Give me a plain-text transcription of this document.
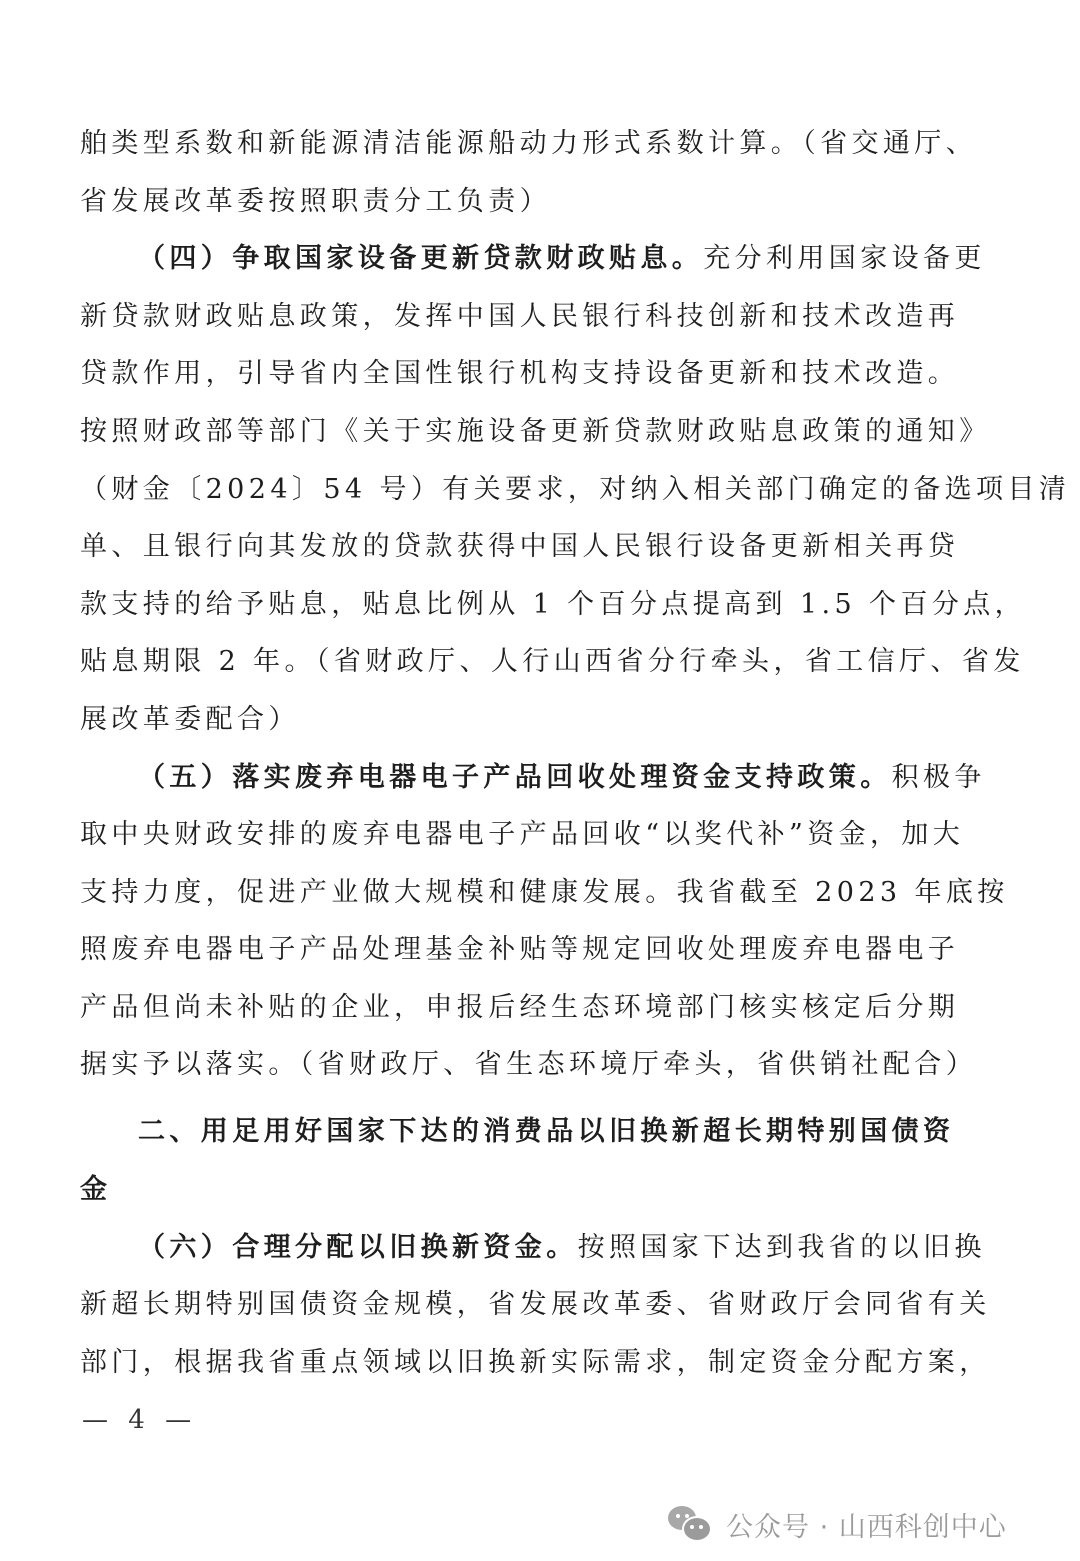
舶类型系数和新能源清洁能源船动力形式系数计算。（省交通厅、
省发展改革委按照职责分工负责）
（四）争取国家设备更新贷款财政贴息。充分利用国家设备更
新贷款财政贴息政策，发挥中国人民银行科技创新和技术改造再
贷款作用，引导省内全国性银行机构支持设备更新和技术改造。
按照财政部等部门《关于实施设备更新贷款财政贴息政策的通知》
（财金〔2024〕54 号）有关要求，对纳入相关部门确定的备选项目清
单、且银行向其发放的贷款获得中国人民银行设备更新相关再贷
款支持的给予贴息，贴息比例从 1 个百分点提高到 1.5 个百分点，
贴息期限 2 年。（省财政厅、人行山西省分行牵头，省工信厅、省发
展改革委配合）
（五）落实废弃电器电子产品回收处理资金支持政策。积极争
取中央财政安排的废弃电器电子产品回收“以奖代补”资金，加大
支持力度，促进产业做大规模和健康发展。我省截至 2023 年底按
照废弃电器电子产品处理基金补贴等规定回收处理废弃电器电子
产品但尚未补贴的企业，申报后经生态环境部门核实核定后分期
据实予以落实。（省财政厅、省生态环境厅牵头，省供销社配合）
二、用足用好国家下达的消费品以旧换新超长期特别国债资
金
（六）合理分配以旧换新资金。按照国家下达到我省的以旧换
新超长期特别国债资金规模，省发展改革委、省财政厅会同省有关
部门，根据我省重点领域以旧换新实际需求，制定资金分配方案，
— 4 —
公众号 · 山西科创中心
